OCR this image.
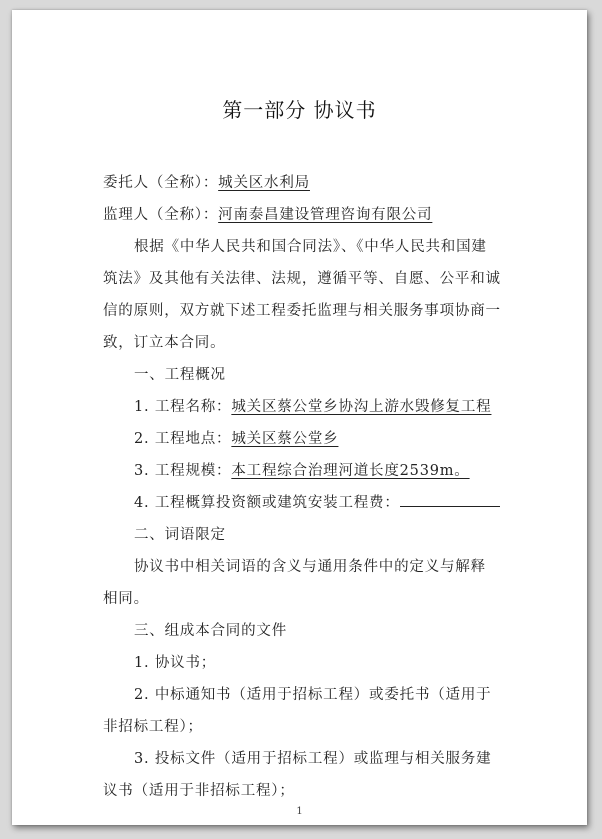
第一部分 协议书
委托人（全称）：城关区水利局
监理人（全称）：河南泰昌建设管理咨询有限公司
根据《中华人民共和国合同法》、《中华人民共和国建
筑法》及其他有关法律、法规，遵循平等、自愿、公平和诚
信的原则，双方就下述工程委托监理与相关服务事项协商一
致，订立本合同。
一、工程概况
1. 工程名称：城关区蔡公堂乡协沟上游水毁修复工程
2. 工程地点：城关区蔡公堂乡
3. 工程规模：本工程综合治理河道长度2539m。
4. 工程概算投资额或建筑安装工程费：
二、词语限定
协议书中相关词语的含义与通用条件中的定义与解释
相同。
三、组成本合同的文件
1. 协议书；
2. 中标通知书（适用于招标工程）或委托书（适用于
非招标工程）；
3. 投标文件（适用于招标工程）或监理与相关服务建
议书（适用于非招标工程）；
1
